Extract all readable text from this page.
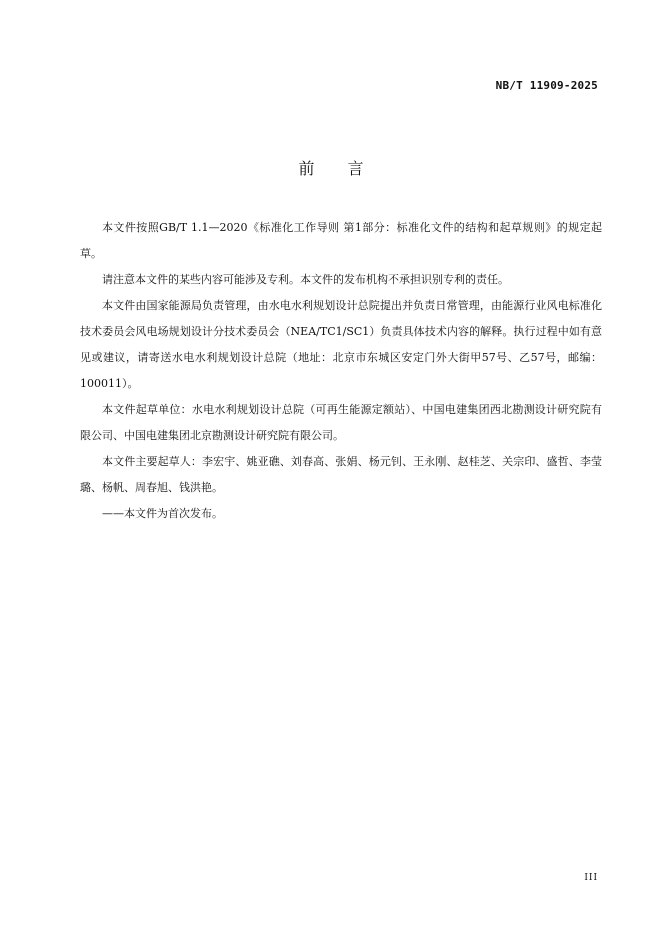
NB/T 11909-2025
前 言

本文件按照GB/T 1.1—2020《标准化工作导则 第1部分：标准化文件的结构和起草规则》的规定起草。

请注意本文件的某些内容可能涉及专利。本文件的发布机构不承担识别专利的责任。

本文件由国家能源局负责管理，由水电水利规划设计总院提出并负责日常管理，由能源行业风电标准化技术委员会风电场规划设计分技术委员会（NEA/TC1/SC1）负责具体技术内容的解释。执行过程中如有意见或建议，请寄送水电水利规划设计总院（地址：北京市东城区安定门外大街甲57号、乙57号，邮编：100011）。

本文件起草单位：水电水利规划设计总院（可再生能源定额站）、中国电建集团西北勘测设计研究院有限公司、中国电建集团北京勘测设计研究院有限公司。

本文件主要起草人：李宏宇、姚亚礁、刘春高、张娟、杨元钊、王永刚、赵桂芝、关宗印、盛哲、李莹璐、杨帆、周春旭、钱洪艳。

——本文件为首次发布。

III
